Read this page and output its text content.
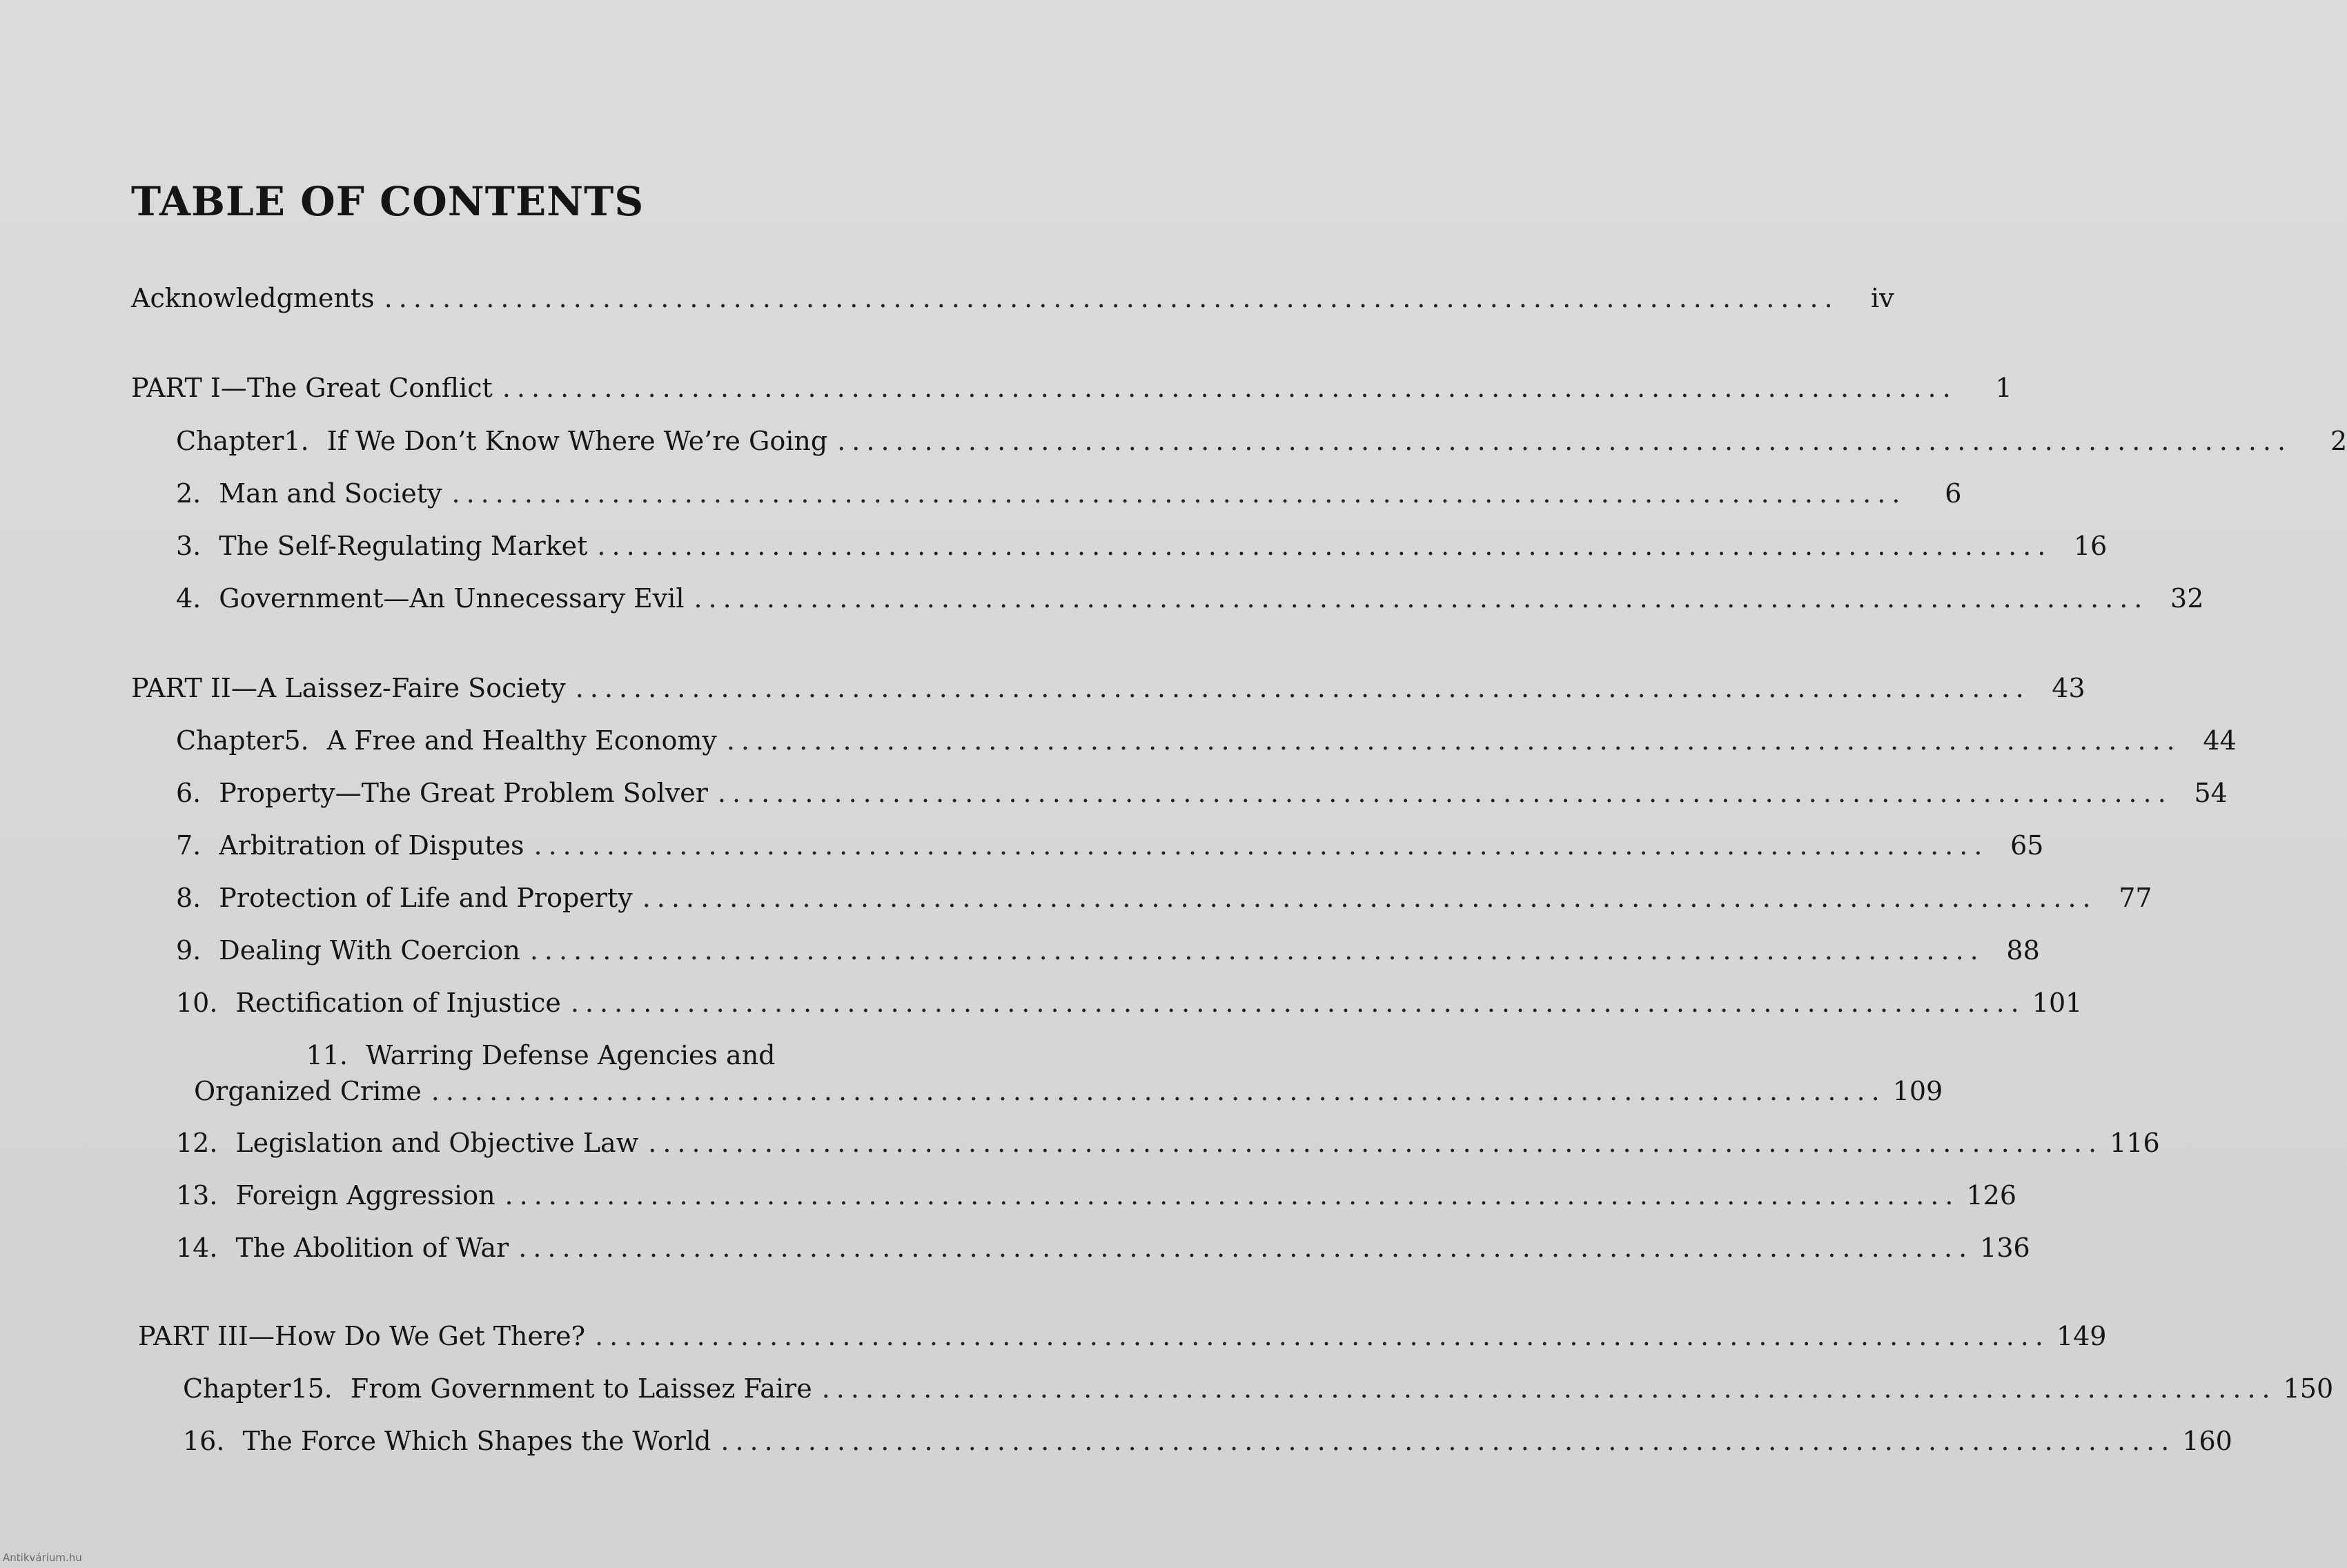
TABLE OF CONTENTS
Acknowledgments ....................................................................................................	iv
PART I—The Great Conflict ....................................................................................................	1
Chapter 1. If We Don’t Know Where We’re Going ....................................................................................................	2
2. Man and Society ....................................................................................................	6
3. The Self-Regulating Market .................................................................................................... 16
4. Government—An Unnecessary Evil .................................................................................................... 32
PART II—A Laissez-Faire Society .................................................................................................... 43
Chapter 5. A Free and Healthy Economy .................................................................................................... 44
6. Property—The Great Problem Solver .................................................................................................... 54
7. Arbitration of Disputes .................................................................................................... 65
8. Protection of Life and Property .................................................................................................... 77
9. Dealing With Coercion .................................................................................................... 88
10. Rectification of Injustice .................................................................................................... 101
11. Warring Defense Agencies and
Organized Crime .................................................................................................... 109
12. Legislation and Objective Law .................................................................................................... 116
13. Foreign Aggression .................................................................................................... 126
14. The Abolition of War .................................................................................................... 136
PART III—How Do We Get There? .................................................................................................... 149
Chapter 15. From Government to Laissez Faire .................................................................................................... 150
16. The Force Which Shapes the World .................................................................................................... 160
Antikvárium.hu
